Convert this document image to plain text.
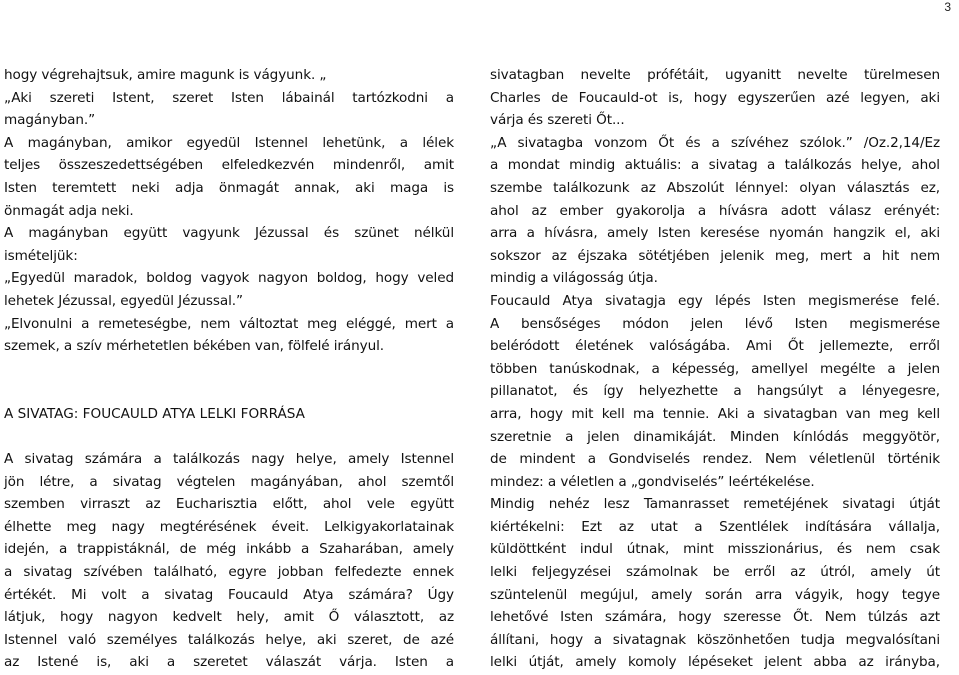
3
hogy végrehajtsuk, amire magunk is vágyunk. „
„Aki szereti Istent, szeret Isten lábainál tartózkodni a
magányban.”
A magányban, amikor egyedül Istennel lehetünk, a lélek
teljes összeszedettségében elfeledkezvén mindenről, amit
Isten teremtett neki adja önmagát annak, aki maga is
önmagát adja neki.
A magányban együtt vagyunk Jézussal és szünet nélkül
ismételjük:
„Egyedül maradok, boldog vagyok nagyon boldog, hogy veled
lehetek Jézussal, egyedül Jézussal.”
„Elvonulni a remeteségbe, nem változtat meg eléggé, mert a
szemek, a szív mérhetetlen békében van, fölfelé irányul.
A SIVATAG: FOUCAULD ATYA LELKI FORRÁSA
A sivatag számára a találkozás nagy helye, amely Istennel
jön létre, a sivatag végtelen magányában, ahol szemtől
szemben virraszt az Eucharisztia előtt, ahol vele együtt
élhette meg nagy megtérésének éveit. Lelkigyakorlatainak
idején, a trappistáknál, de még inkább a Szaharában, amely
a sivatag szívében található, egyre jobban felfedezte ennek
értékét. Mi volt a sivatag Foucauld Atya számára? Úgy
látjuk, hogy nagyon kedvelt hely, amit Ő választott, az
Istennel való személyes találkozás helye, aki szeret, de azé
az Istené is, aki a szeretet válaszát várja. Isten a
sivatagban nevelte prófétáit, ugyanitt nevelte türelmesen
Charles de Foucauld-ot is, hogy egyszerűen azé legyen, aki
várja és szereti Őt...
„A sivatagba vonzom Őt és a szívéhez szólok.” /Oz.2,14/Ez
a mondat mindig aktuális: a sivatag a találkozás helye, ahol
szembe találkozunk az Abszolút lénnyel: olyan választás ez,
ahol az ember gyakorolja a hívásra adott válasz erényét:
arra a hívásra, amely Isten keresése nyomán hangzik el, aki
sokszor az éjszaka sötétjében jelenik meg, mert a hit nem
mindig a világosság útja.
Foucauld Atya sivatagja egy lépés Isten megismerése felé.
A bensőséges módon jelen lévő Isten megismerése
beléródott életének valóságába. Ami Őt jellemezte, erről
többen tanúskodnak, a képesség, amellyel megélte a jelen
pillanatot, és így helyezhette a hangsúlyt a lényegesre,
arra, hogy mit kell ma tennie. Aki a sivatagban van meg kell
szeretnie a jelen dinamikáját. Minden kínlódás meggyötör,
de mindent a Gondviselés rendez. Nem véletlenül történik
mindez: a véletlen a „gondviselés” leértékelése.
Mindig nehéz lesz Tamanrasset remetéjének sivatagi útját
kiértékelni: Ezt az utat a Szentlélek indítására vállalja,
küldöttként indul útnak, mint misszionárius, és nem csak
lelki feljegyzései számolnak be erről az útról, amely út
szüntelenül megújul, amely során arra vágyik, hogy tegye
lehetővé Isten számára, hogy szeresse Őt. Nem túlzás azt
állítani, hogy a sivatagnak köszönhetően tudja megvalósítani
lelki útját, amely komoly lépéseket jelent abba az irányba,
